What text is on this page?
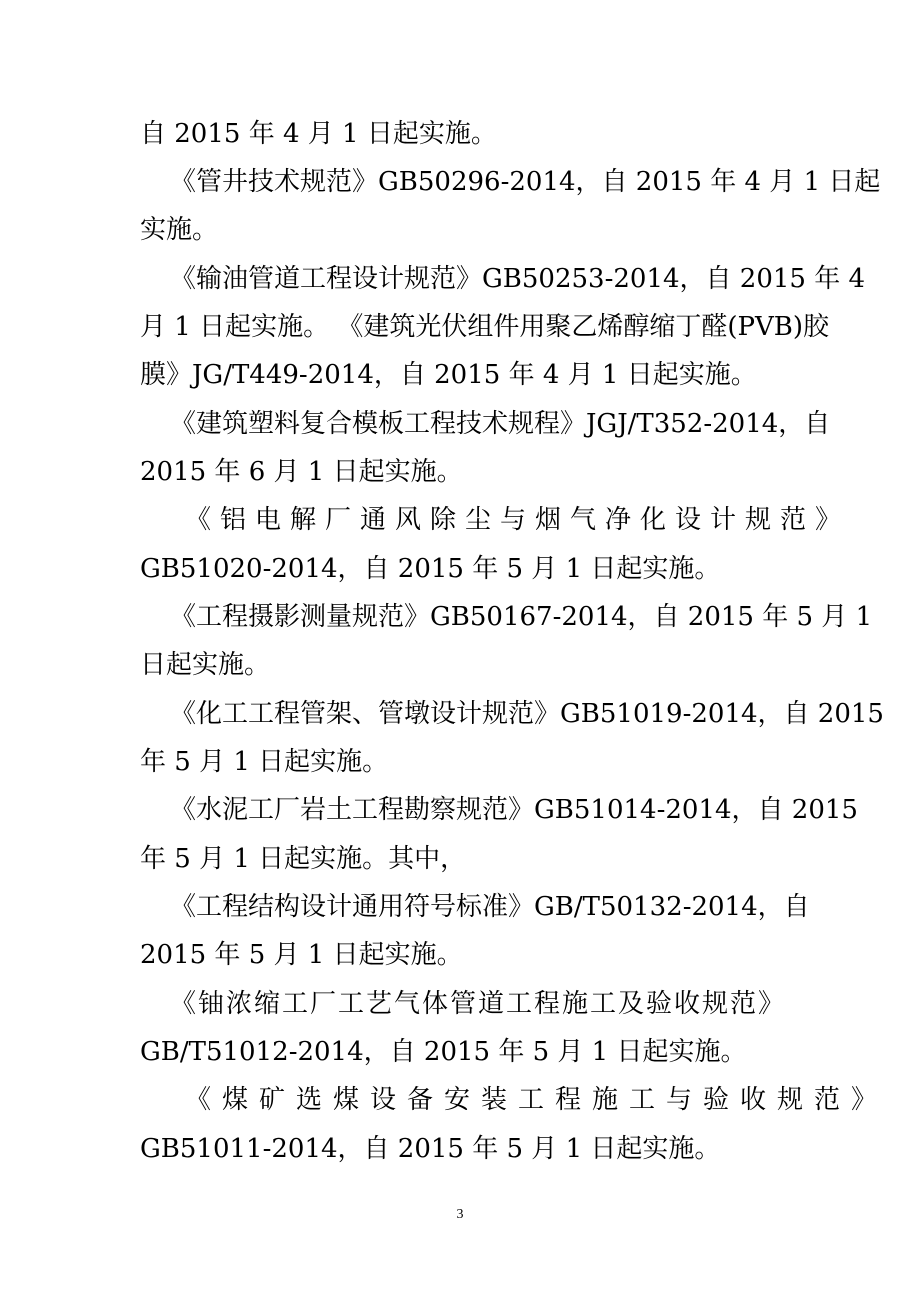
自 2015 年 4 月 1 日起实施。
《管井技术规范》GB50296-2014，自 2015 年 4 月 1 日起
实施。
《输油管道工程设计规范》GB50253-2014，自 2015 年 4
月 1 日起实施。 《建筑光伏组件用聚乙烯醇缩丁醛(PVB)胶
膜》JG/T449-2014，自 2015 年 4 月 1 日起实施。
《建筑塑料复合模板工程技术规程》JGJ/T352-2014，自
2015 年 6 月 1 日起实施。
《铝电解厂通风除尘与烟气净化设计规范》
GB51020-2014，自 2015 年 5 月 1 日起实施。
《工程摄影测量规范》GB50167-2014，自 2015 年 5 月 1
日起实施。
《化工工程管架、管墩设计规范》GB51019-2014，自 2015
年 5 月 1 日起实施。
《水泥工厂岩土工程勘察规范》GB51014-2014，自 2015
年 5 月 1 日起实施。其中，
《工程结构设计通用符号标准》GB/T50132-2014，自
2015 年 5 月 1 日起实施。
《铀浓缩工厂工艺气体管道工程施工及验收规范》
GB/T51012-2014，自 2015 年 5 月 1 日起实施。
《煤矿选煤设备安装工程施工与验收规范》
GB51011-2014，自 2015 年 5 月 1 日起实施。
3
